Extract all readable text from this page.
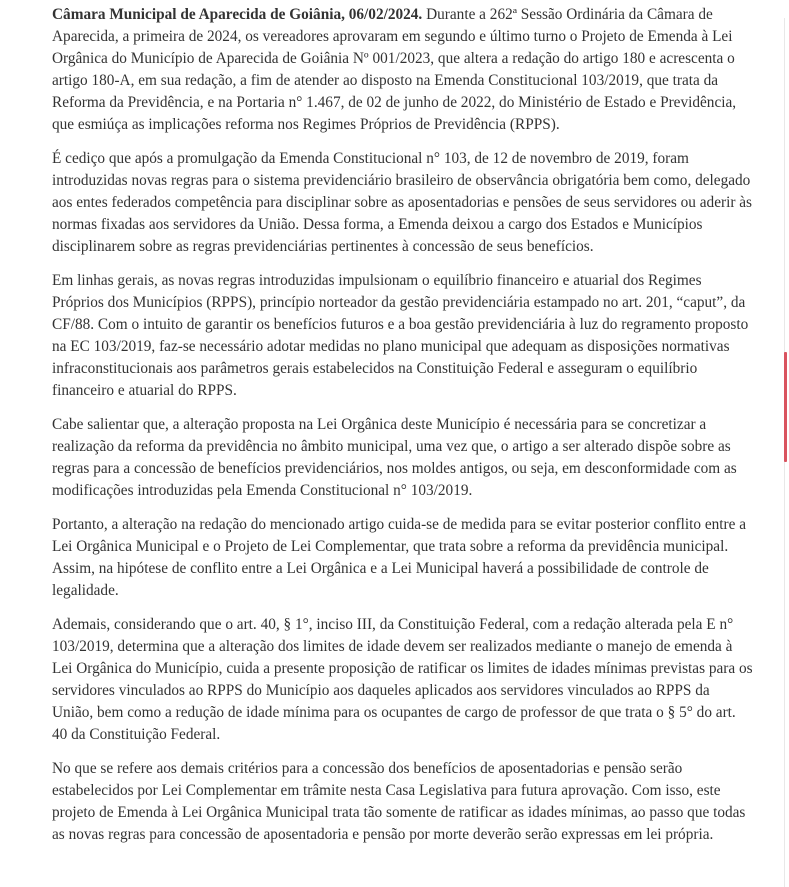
Câmara Municipal de Aparecida de Goiânia, 06/02/2024. Durante a 262ª Sessão Ordinária da Câmara de Aparecida, a primeira de 2024, os vereadores aprovaram em segundo e último turno o Projeto de Emenda à Lei Orgânica do Município de Aparecida de Goiânia Nº 001/2023, que altera a redação do artigo 180 e acrescenta o artigo 180-A, em sua redação, a fim de atender ao disposto na Emenda Constitucional 103/2019, que trata da Reforma da Previdência, e na Portaria n° 1.467, de 02 de junho de 2022, do Ministério de Estado e Previdência, que esmiúça as implicações reforma nos Regimes Próprios de Previdência (RPPS).

É cediço que após a promulgação da Emenda Constitucional n° 103, de 12 de novembro de 2019, foram introduzidas novas regras para o sistema previdenciário brasileiro de observância obrigatória bem como, delegado aos entes federados competência para disciplinar sobre as aposentadorias e pensões de seus servidores ou aderir às normas fixadas aos servidores da União. Dessa forma, a Emenda deixou a cargo dos Estados e Municípios disciplinarem sobre as regras previdenciárias pertinentes à concessão de seus benefícios.

Em linhas gerais, as novas regras introduzidas impulsionam o equilíbrio financeiro e atuarial dos Regimes Próprios dos Municípios (RPPS), princípio norteador da gestão previdenciária estampado no art. 201, “caput”, da CF/88. Com o intuito de garantir os benefícios futuros e a boa gestão previdenciária à luz do regramento proposto na EC 103/2019, faz-se necessário adotar medidas no plano municipal que adequam as disposições normativas infraconstitucionais aos parâmetros gerais estabelecidos na Constituição Federal e asseguram o equilíbrio financeiro e atuarial do RPPS.

Cabe salientar que, a alteração proposta na Lei Orgânica deste Município é necessária para se concretizar a realização da reforma da previdência no âmbito municipal, uma vez que, o artigo a ser alterado dispõe sobre as regras para a concessão de benefícios previdenciários, nos moldes antigos, ou seja, em desconformidade com as modificações introduzidas pela Emenda Constitucional n° 103/2019.

Portanto, a alteração na redação do mencionado artigo cuida-se de medida para se evitar posterior conflito entre a Lei Orgânica Municipal e o Projeto de Lei Complementar, que trata sobre a reforma da previdência municipal. Assim, na hipótese de conflito entre a Lei Orgânica e a Lei Municipal haverá a possibilidade de controle de legalidade.

Ademais, considerando que o art. 40, § 1°, inciso III, da Constituição Federal, com a redação alterada pela E n° 103/2019, determina que a alteração dos limites de idade devem ser realizados mediante o manejo de emenda à Lei Orgânica do Município, cuida a presente proposição de ratificar os limites de idades mínimas previstas para os servidores vinculados ao RPPS do Município aos daqueles aplicados aos servidores vinculados ao RPPS da União, bem como a redução de idade mínima para os ocupantes de cargo de professor de que trata o § 5° do art. 40 da Constituição Federal.

No que se refere aos demais critérios para a concessão dos benefícios de aposentadorias e pensão serão estabelecidos por Lei Complementar em trâmite nesta Casa Legislativa para futura aprovação. Com isso, este projeto de Emenda à Lei Orgânica Municipal trata tão somente de ratificar as idades mínimas, ao passo que todas as novas regras para concessão de aposentadoria e pensão por morte deverão serão expressas em lei própria.
